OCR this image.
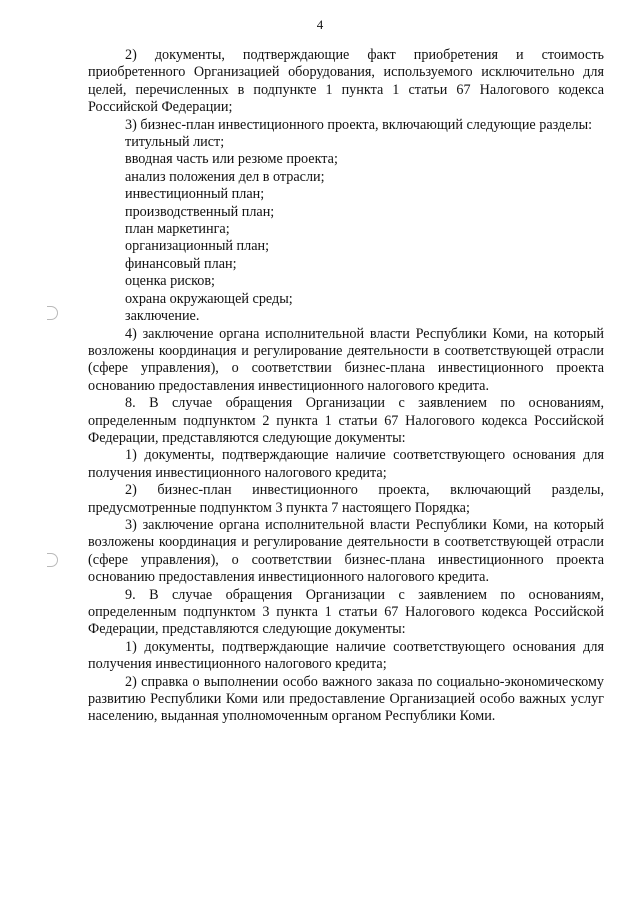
4

2) документы, подтверждающие факт приобретения и стоимость приобретенного Организацией оборудования, используемого исключительно для целей, перечисленных в подпункте 1 пункта 1 статьи 67 Налогового кодекса Российской Федерации;

3) бизнес-план инвестиционного проекта, включающий следующие разделы:

титульный лист;

вводная часть или резюме проекта;

анализ положения дел в отрасли;

инвестиционный план;

производственный план;

план маркетинга;

организационный план;

финансовый план;

оценка рисков;

охрана окружающей среды;

заключение.

4) заключение органа исполнительной власти Республики Коми, на который возложены координация и регулирование деятельности в соответствующей отрасли (сфере управления), о соответствии бизнес-плана инвестиционного проекта основанию предоставления инвестиционного налогового кредита.

8. В случае обращения Организации с заявлением по основаниям, определенным подпунктом 2 пункта 1 статьи 67 Налогового кодекса Российской Федерации, представляются следующие документы:

1) документы, подтверждающие наличие соответствующего основания для получения инвестиционного налогового кредита;

2) бизнес-план инвестиционного проекта, включающий разделы, предусмотренные подпунктом 3 пункта 7 настоящего Порядка;

3) заключение органа исполнительной власти Республики Коми, на который возложены координация и регулирование деятельности в соответствующей отрасли (сфере управления), о соответствии бизнес-плана инвестиционного проекта основанию предоставления инвестиционного налогового кредита.

9. В случае обращения Организации с заявлением по основаниям, определенным подпунктом 3 пункта 1 статьи 67 Налогового кодекса Российской Федерации, представляются следующие документы:

1) документы, подтверждающие наличие соответствующего основания для получения инвестиционного налогового кредита;

2) справка о выполнении особо важного заказа по социально-экономическому развитию Республики Коми или предоставление Организацией особо важных услуг населению, выданная уполномоченным органом Республики Коми.
